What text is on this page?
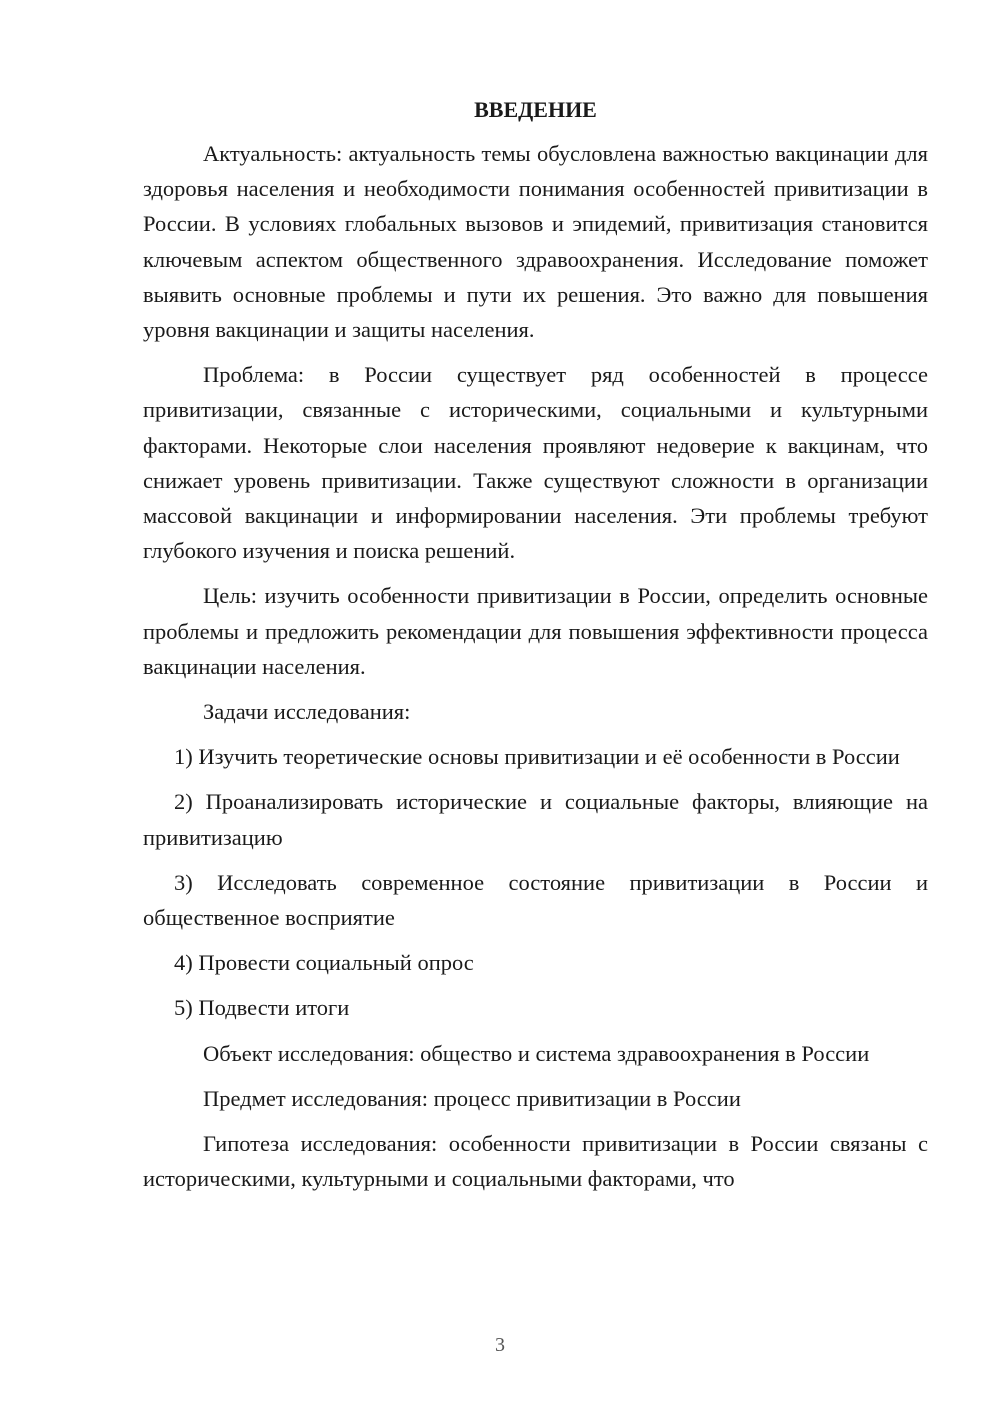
ВВЕДЕНИЕ

Актуальность: актуальность темы обусловлена важностью вакцинации для здоровья населения и необходимости понимания особенностей привитизации в России. В условиях глобальных вызовов и эпидемий, привитизация становится ключевым аспектом общественного здравоохранения. Исследование поможет выявить основные проблемы и пути их решения. Это важно для повышения уровня вакцинации и защиты населения.

Проблема: в России существует ряд особенностей в процессе привитизации, связанные с историческими, социальными и культурными факторами. Некоторые слои населения проявляют недоверие к вакцинам, что снижает уровень привитизации. Также существуют сложности в организации массовой вакцинации и информировании населения. Эти проблемы требуют глубокого изучения и поиска решений.

Цель: изучить особенности привитизации в России, определить основные проблемы и предложить рекомендации для повышения эффективности процесса вакцинации населения.

Задачи исследования:

1) Изучить теоретические основы привитизации и её особенности в России

2) Проанализировать исторические и социальные факторы, влияющие на привитизацию

3) Исследовать современное состояние привитизации в России и общественное восприятие

4) Провести социальный опрос

5) Подвести итоги

Объект исследования: общество и система здравоохранения в России

Предмет исследования: процесс привитизации в России

Гипотеза исследования: особенности привитизации в России связаны с историческими, культурными и социальными факторами, что

3
